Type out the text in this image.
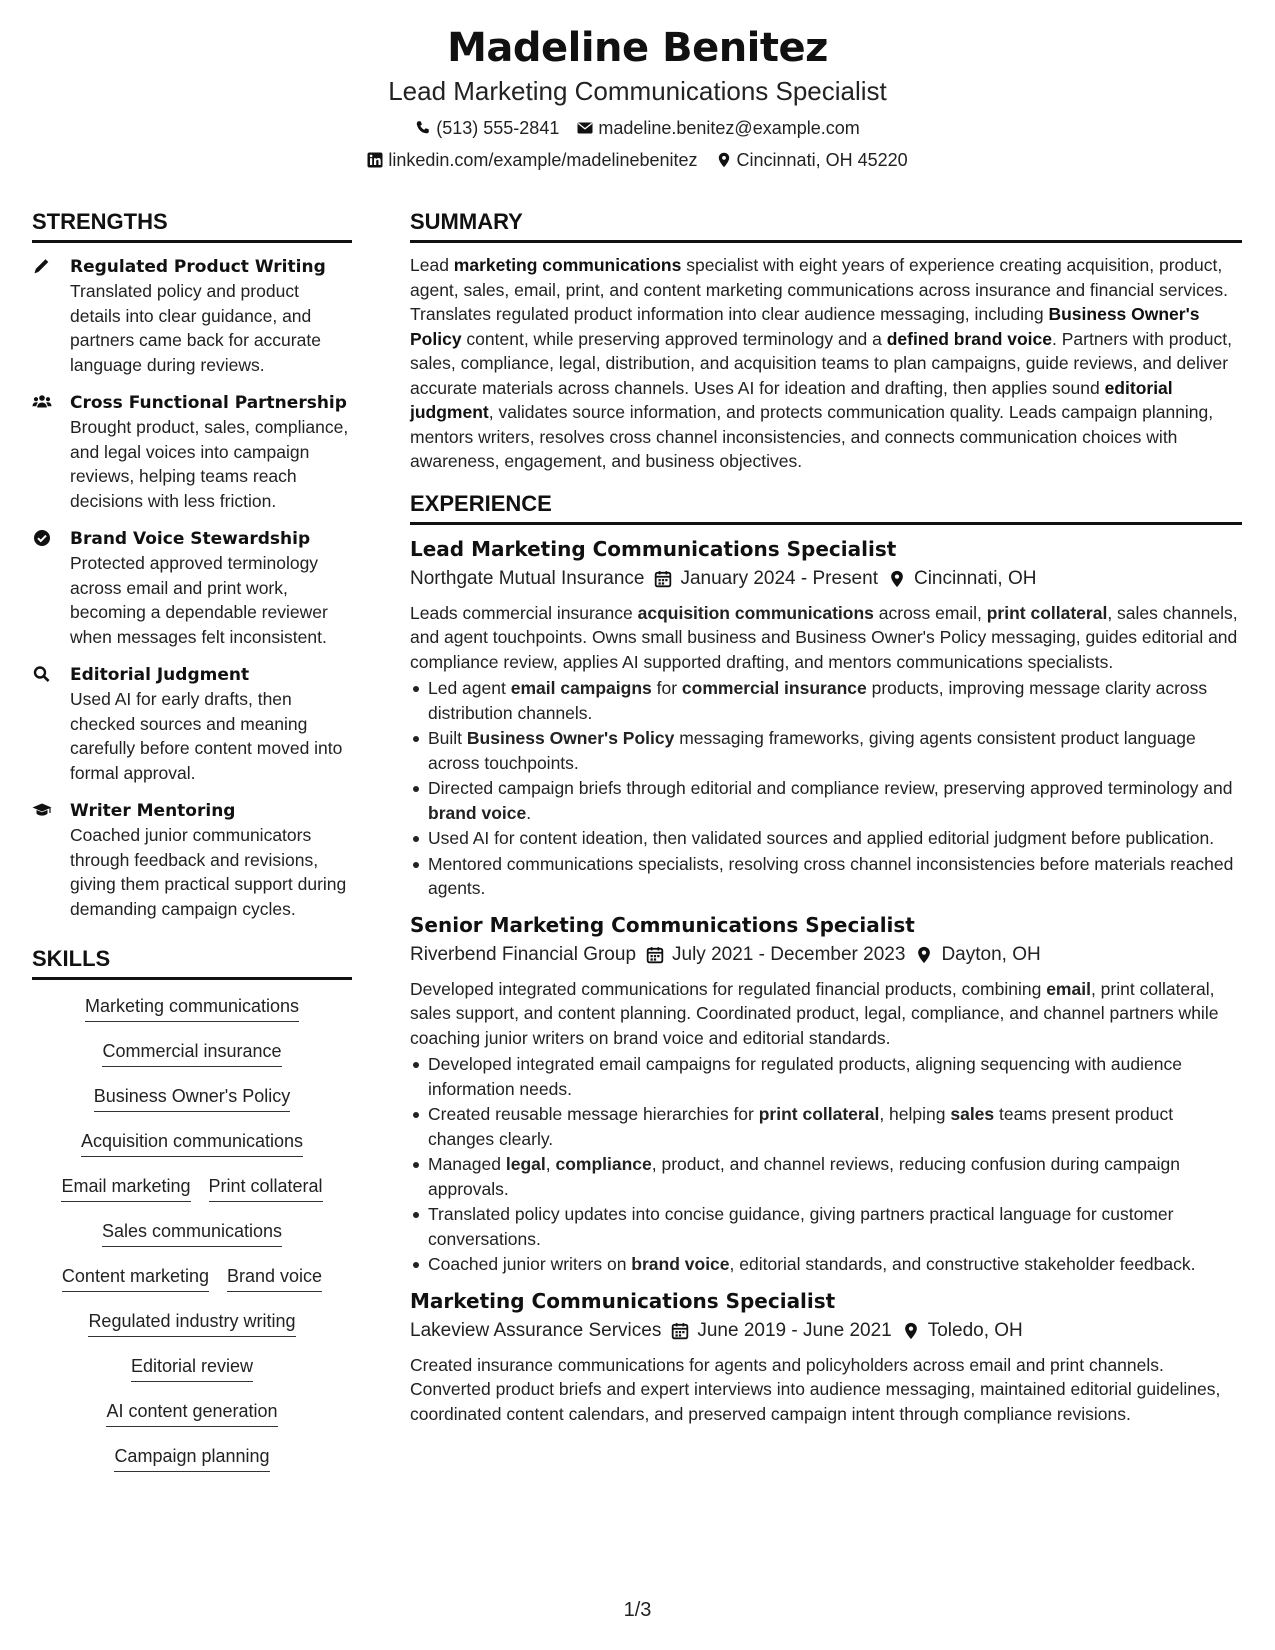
Madeline Benitez
Lead Marketing Communications Specialist
(513) 555-2841 madeline.benitez@example.com
linkedin.com/example/madelinebenitez Cincinnati, OH 45220
STRENGTHS
Regulated Product Writing
Translated policy and product details into clear guidance, and partners came back for accurate language during reviews.
Cross Functional Partnership
Brought product, sales, compliance, and legal voices into campaign reviews, helping teams reach decisions with less friction.
Brand Voice Stewardship
Protected approved terminology across email and print work, becoming a dependable reviewer when messages felt inconsistent.
Editorial Judgment
Used AI for early drafts, then checked sources and meaning carefully before content moved into formal approval.
Writer Mentoring
Coached junior communicators through feedback and revisions, giving them practical support during demanding campaign cycles.
SKILLS
Marketing communications
Commercial insurance
Business Owner's Policy
Acquisition communications
Email marketing Print collateral
Sales communications
Content marketing Brand voice
Regulated industry writing
Editorial review
AI content generation
Campaign planning
SUMMARY
Lead marketing communications specialist with eight years of experience creating acquisition, product, agent, sales, email, print, and content marketing communications across insurance and financial services. Translates regulated product information into clear audience messaging, including Business Owner's Policy content, while preserving approved terminology and a defined brand voice. Partners with product, sales, compliance, legal, distribution, and acquisition teams to plan campaigns, guide reviews, and deliver accurate materials across channels. Uses AI for ideation and drafting, then applies sound editorial judgment, validates source information, and protects communication quality. Leads campaign planning, mentors writers, resolves cross channel inconsistencies, and connects communication choices with awareness, engagement, and business objectives.
EXPERIENCE
Lead Marketing Communications Specialist
Northgate Mutual Insurance January 2024 - Present Cincinnati, OH
Leads commercial insurance acquisition communications across email, print collateral, sales channels, and agent touchpoints. Owns small business and Business Owner's Policy messaging, guides editorial and compliance review, applies AI supported drafting, and mentors communications specialists.
Led agent email campaigns for commercial insurance products, improving message clarity across distribution channels.
Built Business Owner's Policy messaging frameworks, giving agents consistent product language across touchpoints.
Directed campaign briefs through editorial and compliance review, preserving approved terminology and brand voice.
Used AI for content ideation, then validated sources and applied editorial judgment before publication.
Mentored communications specialists, resolving cross channel inconsistencies before materials reached agents.
Senior Marketing Communications Specialist
Riverbend Financial Group July 2021 - December 2023 Dayton, OH
Developed integrated communications for regulated financial products, combining email, print collateral, sales support, and content planning. Coordinated product, legal, compliance, and channel partners while coaching junior writers on brand voice and editorial standards.
Developed integrated email campaigns for regulated products, aligning sequencing with audience information needs.
Created reusable message hierarchies for print collateral, helping sales teams present product changes clearly.
Managed legal, compliance, product, and channel reviews, reducing confusion during campaign approvals.
Translated policy updates into concise guidance, giving partners practical language for customer conversations.
Coached junior writers on brand voice, editorial standards, and constructive stakeholder feedback.
Marketing Communications Specialist
Lakeview Assurance Services June 2019 - June 2021 Toledo, OH
Created insurance communications for agents and policyholders across email and print channels. Converted product briefs and expert interviews into audience messaging, maintained editorial guidelines, coordinated content calendars, and preserved campaign intent through compliance revisions.
1/3
